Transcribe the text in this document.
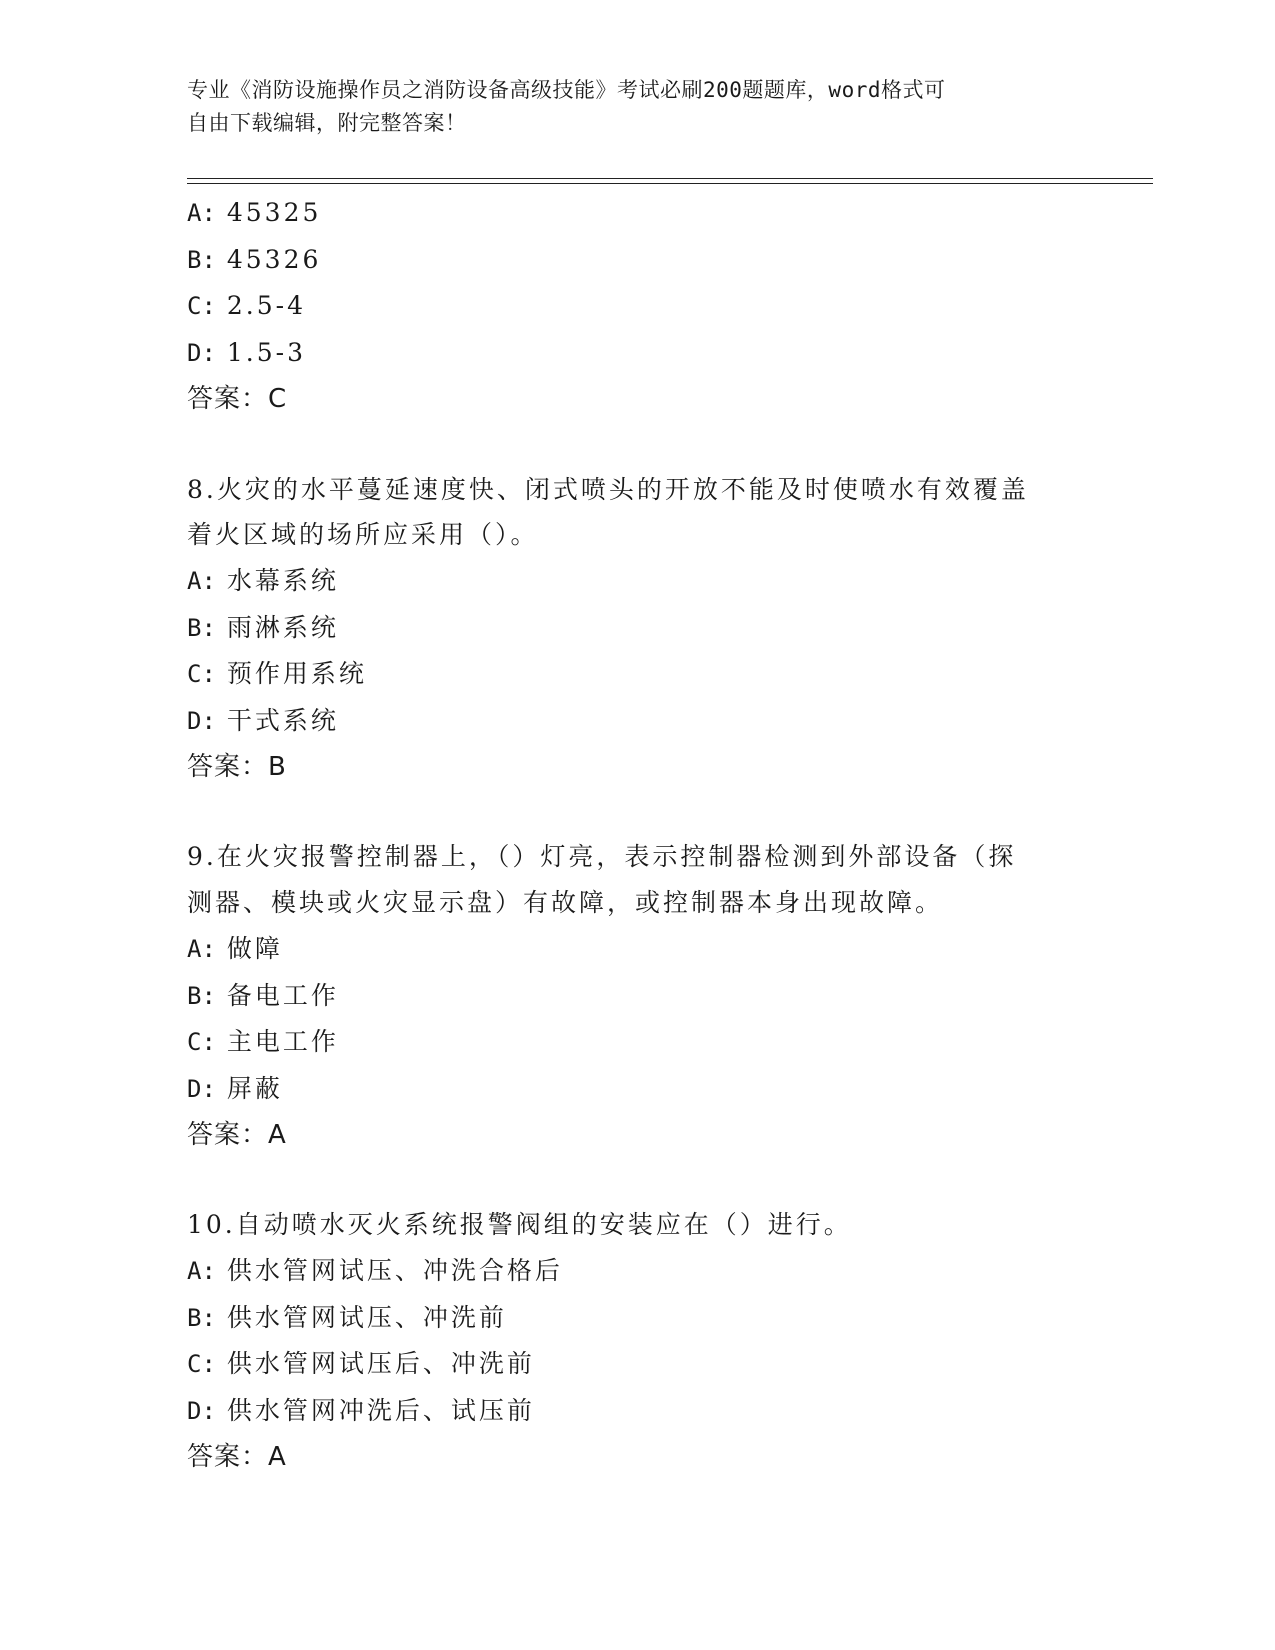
专业《消防设施操作员之消防设备高级技能》考试必刷200题题库，word格式可
自由下载编辑，附完整答案！
A: 45325
B: 45326
C: 2.5-4
D: 1.5-3
答案：C
8.火灾的水平蔓延速度快、闭式喷头的开放不能及时使喷水有效覆盖
着火区域的场所应采用（）。
A: 水幕系统
B: 雨淋系统
C: 预作用系统
D: 干式系统
答案：B
9.在火灾报警控制器上，（）灯亮，表示控制器检测到外部设备（探
测器、模块或火灾显示盘）有故障，或控制器本身出现故障。
A: 做障
B: 备电工作
C: 主电工作
D: 屏蔽
答案：A
10.自动喷水灭火系统报警阀组的安装应在（）进行。
A: 供水管网试压、冲洗合格后
B: 供水管网试压、冲洗前
C: 供水管网试压后、冲洗前
D: 供水管网冲洗后、试压前
答案：A
